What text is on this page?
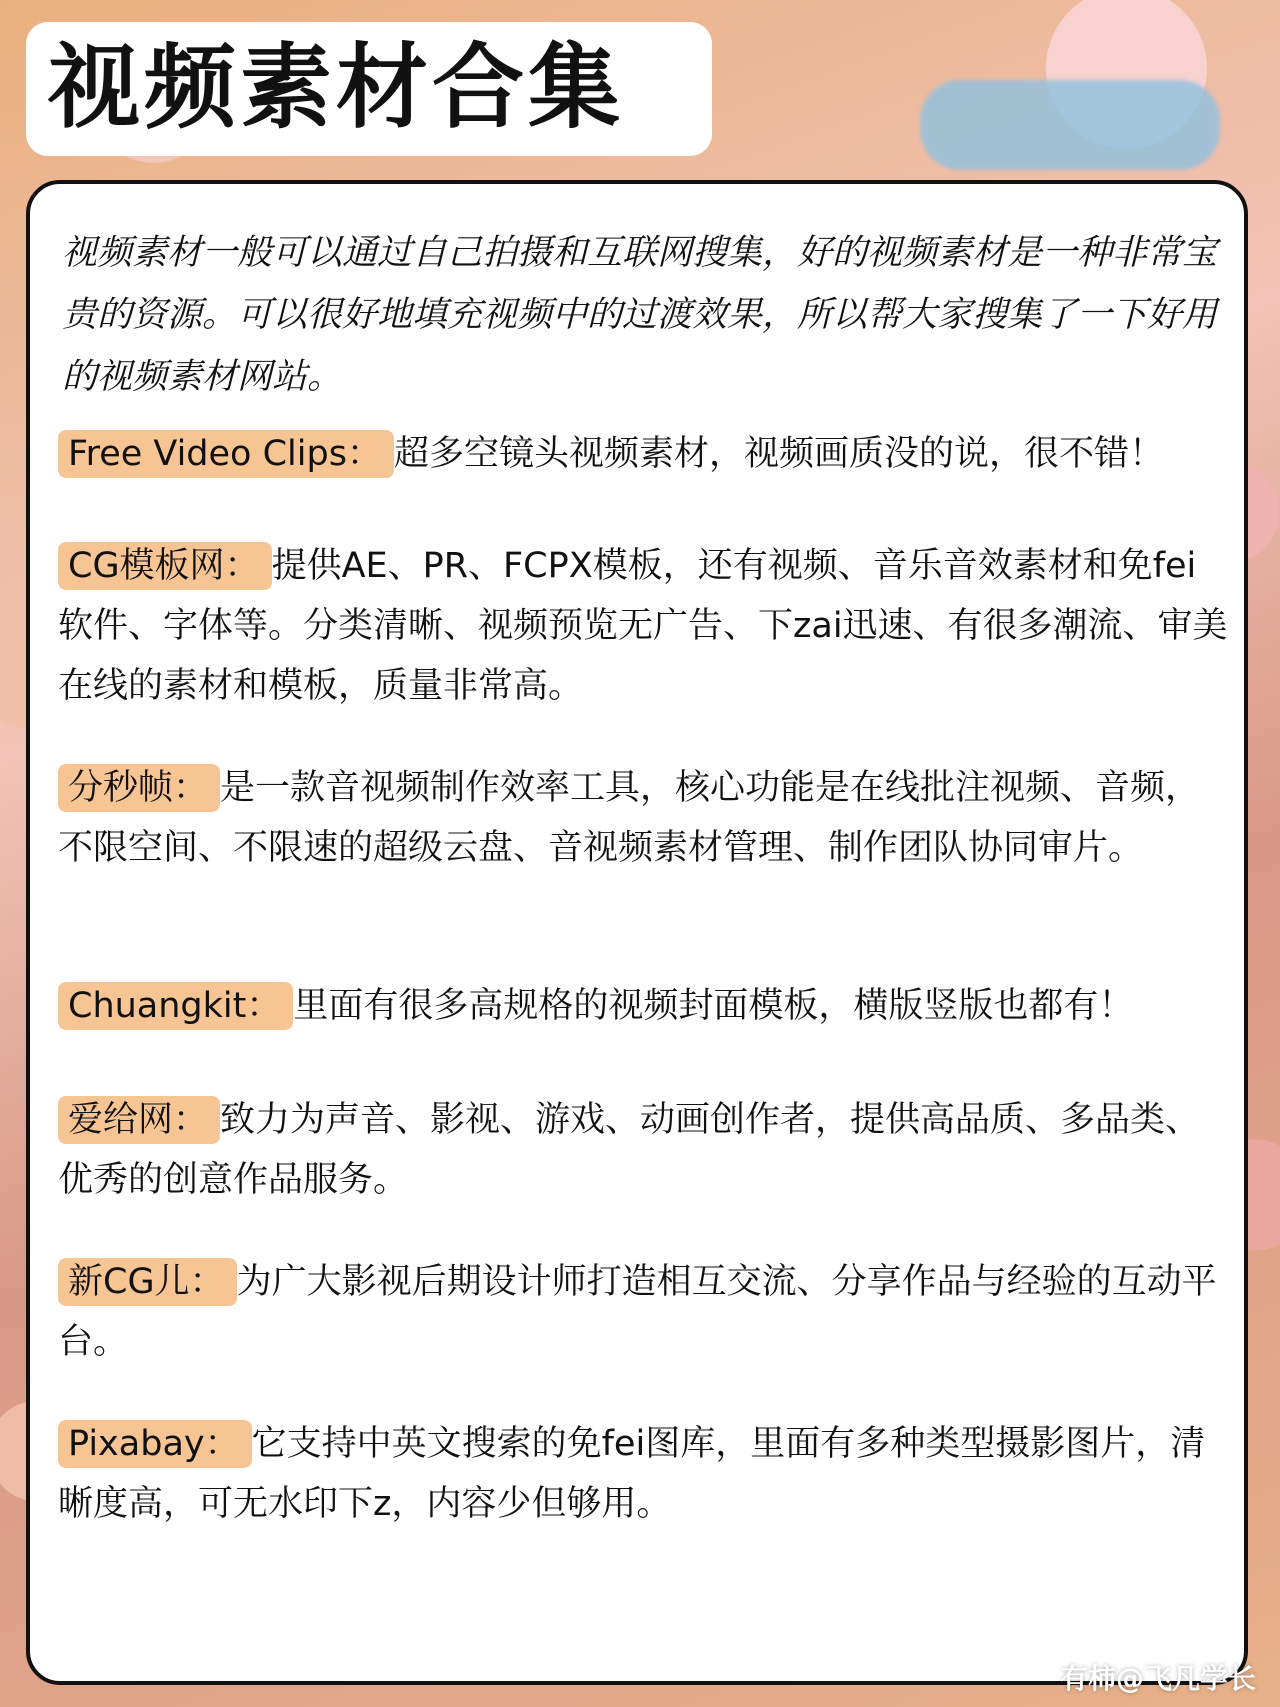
视频素材合集
视频素材一般可以通过自己拍摄和互联网搜集，好的视频素材是一种非常宝贵的资源。可以很好地填充视频中的过渡效果，所以帮大家搜集了一下好用的视频素材网站。
Free Video Clips： 超多空镜头视频素材，视频画质没的说，很不错！
CG模板网： 提供AE、PR、FCPX模板，还有视频、音乐音效素材和免fei软件、字体等。分类清晰、视频预览无广告、下zai迅速、有很多潮流、审美在线的素材和模板，质量非常高。
分秒帧： 是一款音视频制作效率工具，核心功能是在线批注视频、音频，不限空间、不限速的超级云盘、音视频素材管理、制作团队协同审片。
Chuangkit： 里面有很多高规格的视频封面模板，横版竖版也都有！
爱给网： 致力为声音、影视、游戏、动画创作者，提供高品质、多品类、优秀的创意作品服务。
新CG儿： 为广大影视后期设计师打造相互交流、分享作品与经验的互动平台。
Pixabay： 它支持中英文搜索的免fei图库，里面有多种类型摄影图片，清晰度高，可无水印下z，内容少但够用。
@谁的纽扣掉了o
有柿@飞凡学长
